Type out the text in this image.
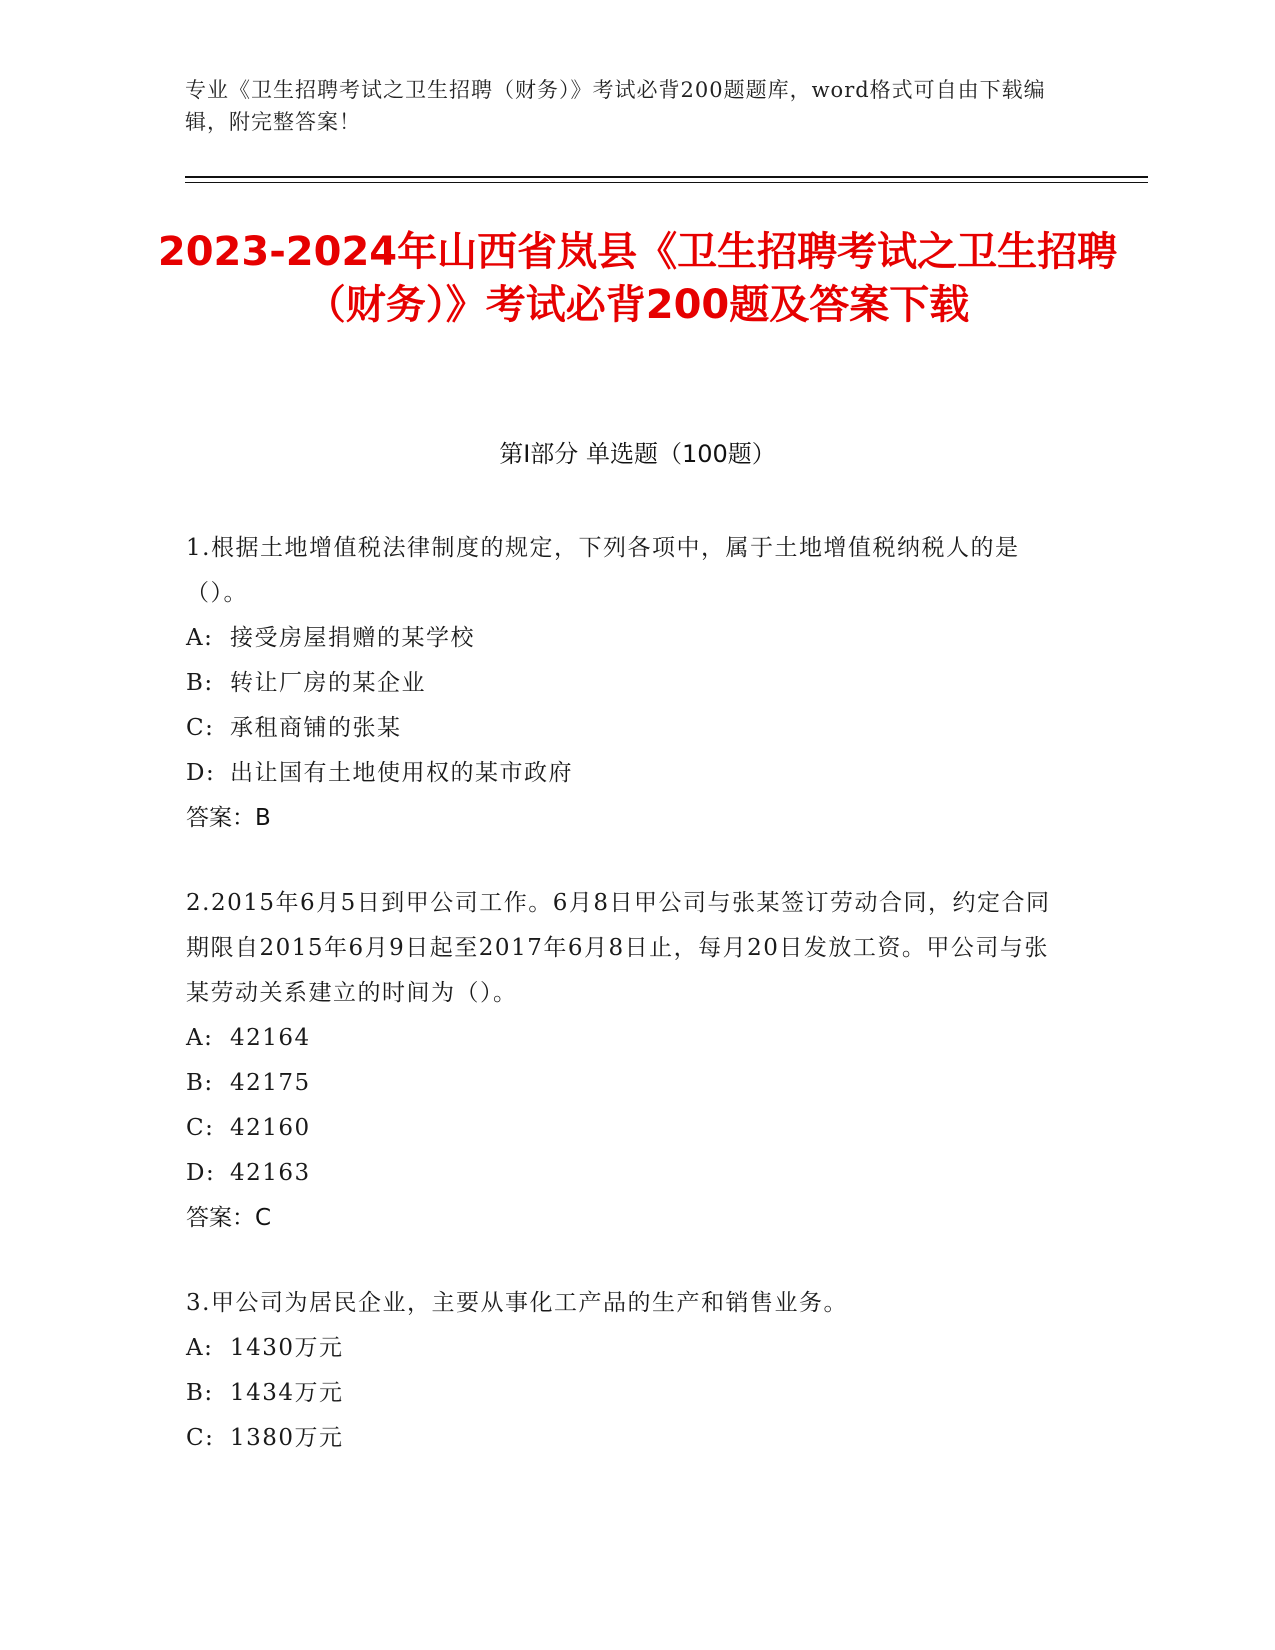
专业《卫生招聘考试之卫生招聘（财务）》考试必背200题题库，word格式可自由下载编辑，附完整答案！
2023-2024年山西省岚县《卫生招聘考试之卫生招聘（财务）》考试必背200题及答案下载
第I部分 单选题（100题）

1.根据土地增值税法律制度的规定，下列各项中，属于土地增值税纳税人的是（）。

A: 接受房屋捐赠的某学校

B: 转让厂房的某企业

C: 承租商铺的张某

D: 出让国有土地使用权的某市政府

答案：B

2.2015年6月5日到甲公司工作。6月8日甲公司与张某签订劳动合同，约定合同期限自2015年6月9日起至2017年6月8日止，每月20日发放工资。甲公司与张某劳动关系建立的时间为（）。

A: 42164

B: 42175

C: 42160

D: 42163

答案：C

3.甲公司为居民企业，主要从事化工产品的生产和销售业务。

A: 1430万元

B: 1434万元

C: 1380万元
